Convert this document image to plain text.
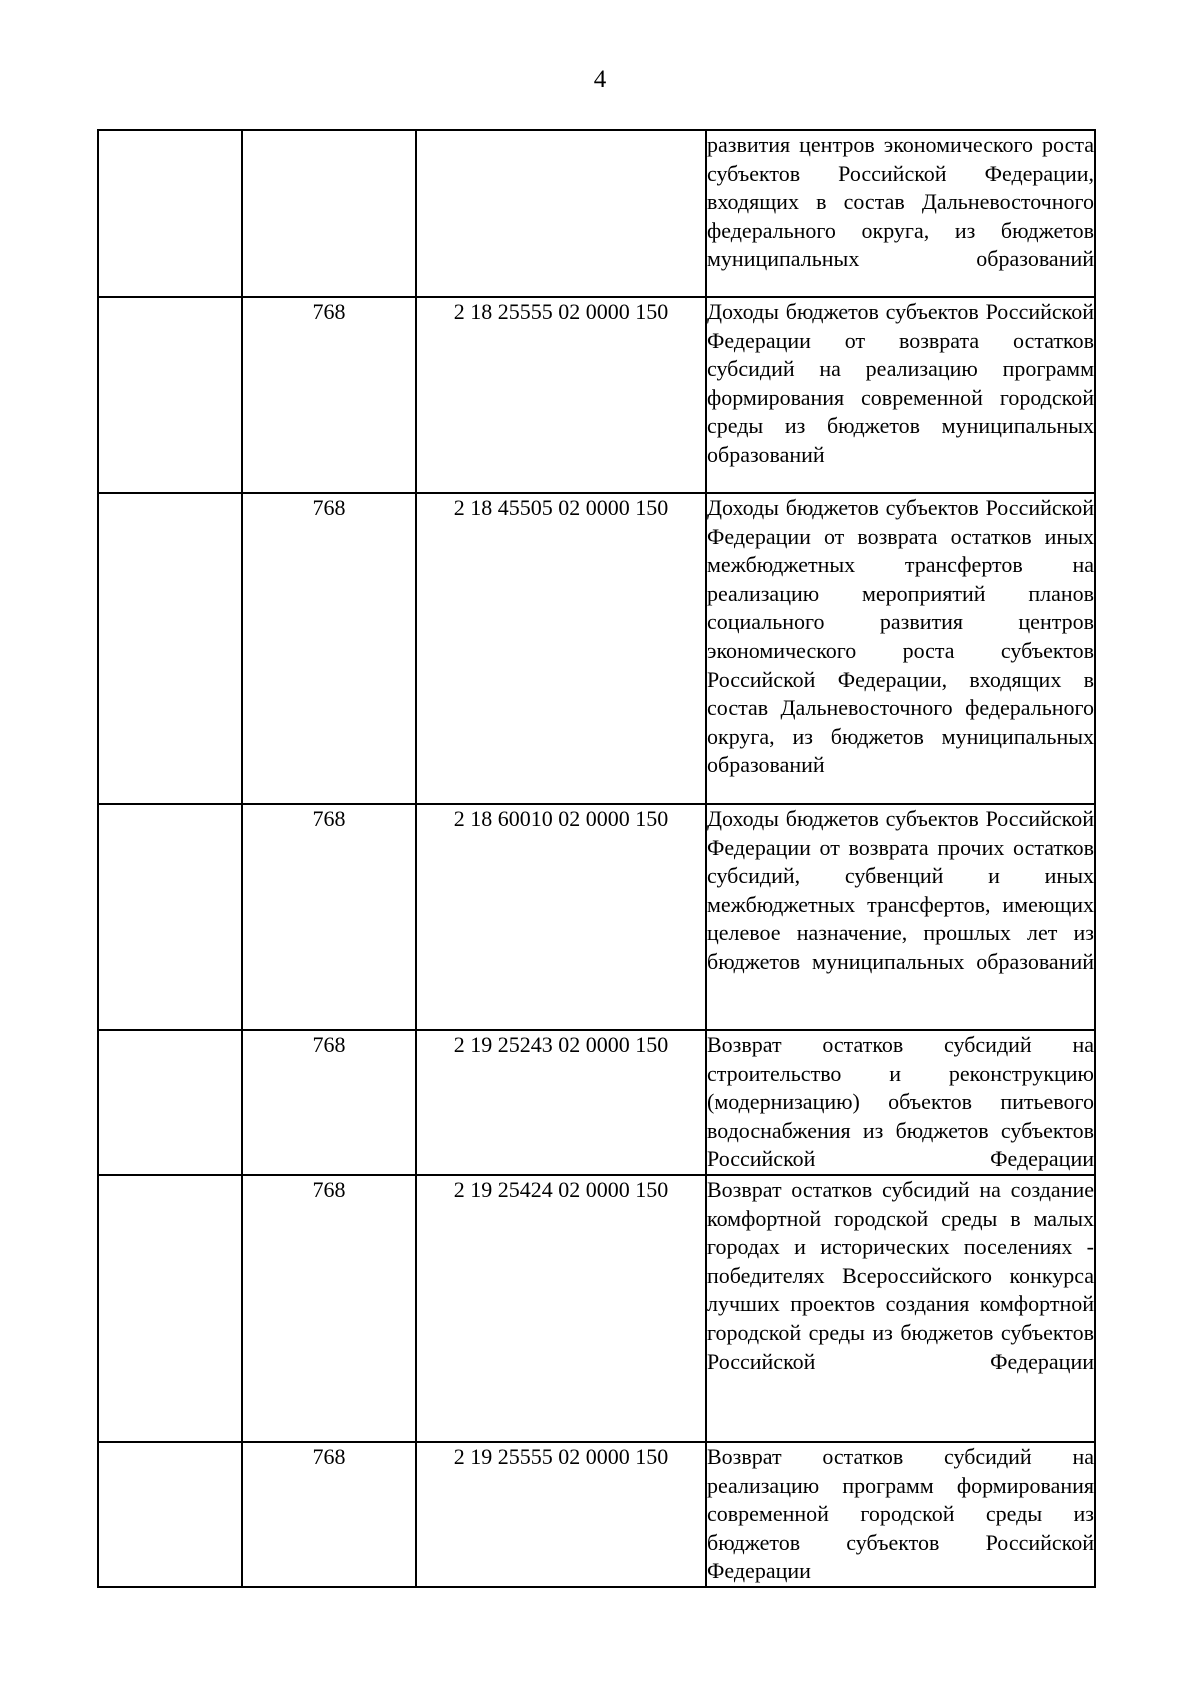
4
			развития центров экономического роста субъектов Российской Федерации, входящих в состав Дальневосточного федерального округа, из бюджетов муниципальных образований
	768	2 18 25555 02 0000 150	Доходы бюджетов субъектов Российской Федерации от возврата остатков субсидий на реализацию программ формирования современной городской среды из бюджетов муниципальных образований
	768	2 18 45505 02 0000 150	Доходы бюджетов субъектов Российской Федерации от возврата остатков иных межбюджетных трансфертов на реализацию мероприятий планов социального развития центров экономического роста субъектов Российской Федерации, входящих в состав Дальневосточного федерального округа, из бюджетов муниципальных образований
	768	2 18 60010 02 0000 150	Доходы бюджетов субъектов Российской Федерации от возврата прочих остатков субсидий, субвенций и иных межбюджетных трансфертов, имеющих целевое назначение, прошлых лет из бюджетов муниципальных образований
	768	2 19 25243 02 0000 150	Возврат остатков субсидий на строительство и реконструкцию (модернизацию) объектов питьевого водоснабжения из бюджетов субъектов Российской Федерации
	768	2 19 25424 02 0000 150	Возврат остатков субсидий на создание комфортной городской среды в малых городах и исторических поселениях - победителях Всероссийского конкурса лучших проектов создания комфортной городской среды из бюджетов субъектов Российской Федерации
	768	2 19 25555 02 0000 150	Возврат остатков субсидий на реализацию программ формирования современной городской среды из бюджетов субъектов Российской Федерации
